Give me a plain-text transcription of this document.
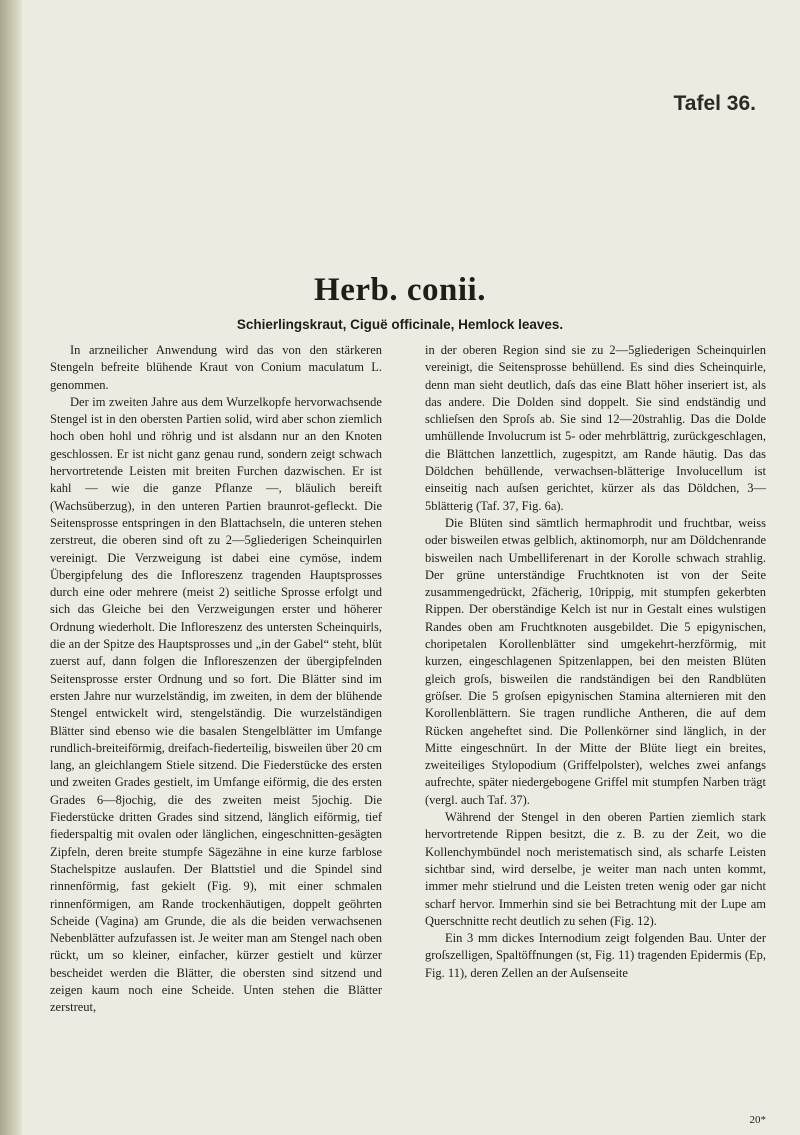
Tafel 36.
Herb. conii.
Schierlingskraut, Ciguë officinale, Hemlock leaves.

In arzneilicher Anwendung wird das von den stärkeren Stengeln befreite blühende Kraut von Conium maculatum L. genommen.

Der im zweiten Jahre aus dem Wurzelkopfe hervorwachsende Stengel ist in den obersten Partien solid, wird aber schon ziemlich hoch oben hohl und röhrig und ist alsdann nur an den Knoten geschlossen. Er ist nicht ganz genau rund, sondern zeigt schwach hervortretende Leisten mit breiten Furchen dazwischen. Er ist kahl — wie die ganze Pflanze —, bläulich bereift (Wachsüberzug), in den unteren Partien braunrot-gefleckt. Die Seitensprosse entspringen in den Blattachseln, die unteren stehen zerstreut, die oberen sind oft zu 2—5gliederigen Scheinquirlen vereinigt. Die Verzweigung ist dabei eine cymöse, indem Übergipfelung des die Infloreszenz tragenden Hauptsprosses durch eine oder mehrere (meist 2) seitliche Sprosse erfolgt und sich das Gleiche bei den Verzweigungen erster und höherer Ordnung wiederholt. Die Infloreszenz des untersten Scheinquirls, die an der Spitze des Hauptsprosses und „in der Gabel“ steht, blüt zuerst auf, dann folgen die Infloreszenzen der übergipfelnden Seitensprosse erster Ordnung und so fort. Die Blätter sind im ersten Jahre nur wurzelständig, im zweiten, in dem der blühende Stengel entwickelt wird, stengelständig. Die wurzelständigen Blätter sind ebenso wie die basalen Stengelblätter im Umfange rundlich-breiteiförmig, dreifach-fiederteilig, bisweilen über 20 cm lang, an gleichlangem Stiele sitzend. Die Fiederstücke des ersten und zweiten Grades gestielt, im Umfange eiförmig, die des ersten Grades 6—8jochig, die des zweiten meist 5jochig. Die Fiederstücke dritten Grades sind sitzend, länglich eiförmig, tief fiederspaltig mit ovalen oder länglichen, eingeschnitten-gesägten Zipfeln, deren breite stumpfe Sägezähne in eine kurze farblose Stachelspitze auslaufen. Der Blattstiel und die Spindel sind rinnenförmig, fast gekielt (Fig. 9), mit einer schmalen rinnenförmigen, am Rande trockenhäutigen, doppelt geöhrten Scheide (Vagina) am Grunde, die als die beiden verwachsenen Nebenblätter aufzufassen ist. Je weiter man am Stengel nach oben rückt, um so kleiner, einfacher, kürzer gestielt und kürzer bescheidet werden die Blätter, die obersten sind sitzend und zeigen kaum noch eine Scheide. Unten stehen die Blätter zerstreut,

in der oberen Region sind sie zu 2—5gliederigen Scheinquirlen vereinigt, die Seitensprosse behüllend. Es sind dies Scheinquirle, denn man sieht deutlich, daſs das eine Blatt höher inseriert ist, als das andere. Die Dolden sind doppelt. Sie sind endständig und schlieſsen den Sproſs ab. Sie sind 12—20strahlig. Das die Dolde umhüllende Involucrum ist 5- oder mehrblättrig, zurückgeschlagen, die Blättchen lanzettlich, zugespitzt, am Rande häutig. Das das Döldchen behüllende, verwachsen-blätterige Involucellum ist einseitig nach auſsen gerichtet, kürzer als das Döldchen, 3—5blätterig (Taf. 37, Fig. 6a).

Die Blüten sind sämtlich hermaphrodit und fruchtbar, weiss oder bisweilen etwas gelblich, aktinomorph, nur am Döldchenrande bisweilen nach Umbelliferenart in der Korolle schwach strahlig. Der grüne unterständige Fruchtknoten ist von der Seite zusammengedrückt, 2fächerig, 10rippig, mit stumpfen gekerbten Rippen. Der oberständige Kelch ist nur in Gestalt eines wulstigen Randes oben am Fruchtknoten ausgebildet. Die 5 epigynischen, choripetalen Korollenblätter sind umgekehrt-herzförmig, mit kurzen, eingeschlagenen Spitzenlappen, bei den meisten Blüten gleich groſs, bisweilen die randständigen bei den Randblüten gröſser. Die 5 groſsen epigynischen Stamina alternieren mit den Korollenblättern. Sie tragen rundliche Antheren, die auf dem Rücken angeheftet sind. Die Pollenkörner sind länglich, in der Mitte eingeschnürt. In der Mitte der Blüte liegt ein breites, zweiteiliges Stylopodium (Griffelpolster), welches zwei anfangs aufrechte, später niedergebogene Griffel mit stumpfen Narben trägt (vergl. auch Taf. 37).

Während der Stengel in den oberen Partien ziemlich stark hervortretende Rippen besitzt, die z. B. zu der Zeit, wo die Kollenchymbündel noch meristematisch sind, als scharfe Leisten sichtbar sind, wird derselbe, je weiter man nach unten kommt, immer mehr stielrund und die Leisten treten wenig oder gar nicht scharf hervor. Immerhin sind sie bei Betrachtung mit der Lupe am Querschnitte recht deutlich zu sehen (Fig. 12).

Ein 3 mm dickes Internodium zeigt folgenden Bau. Unter der groſszelligen, Spaltöffnungen (st, Fig. 11) tragenden Epidermis (Ep, Fig. 11), deren Zellen an der Auſsenseite

20*
